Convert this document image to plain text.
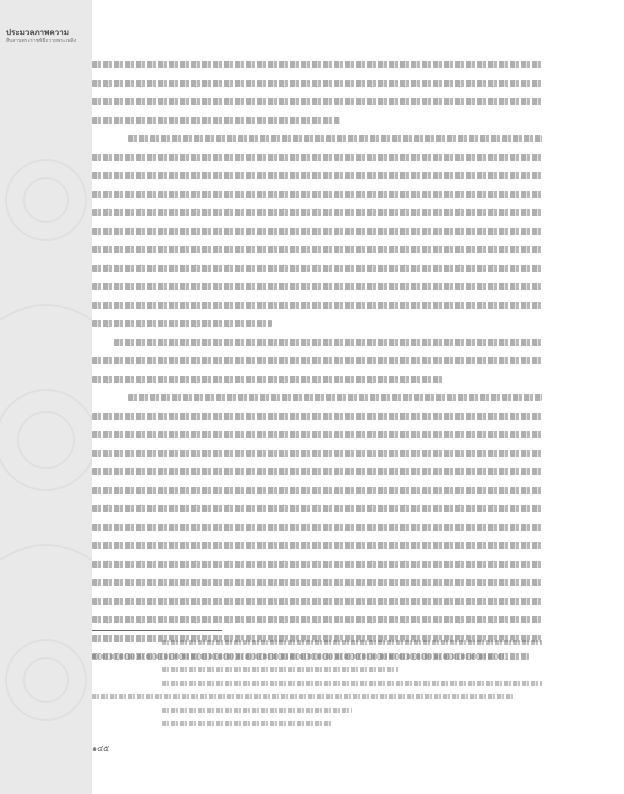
ประมวลภาพความ
สืบสานพระราชพิธีถวายพระเพลิง
๑๔๕
